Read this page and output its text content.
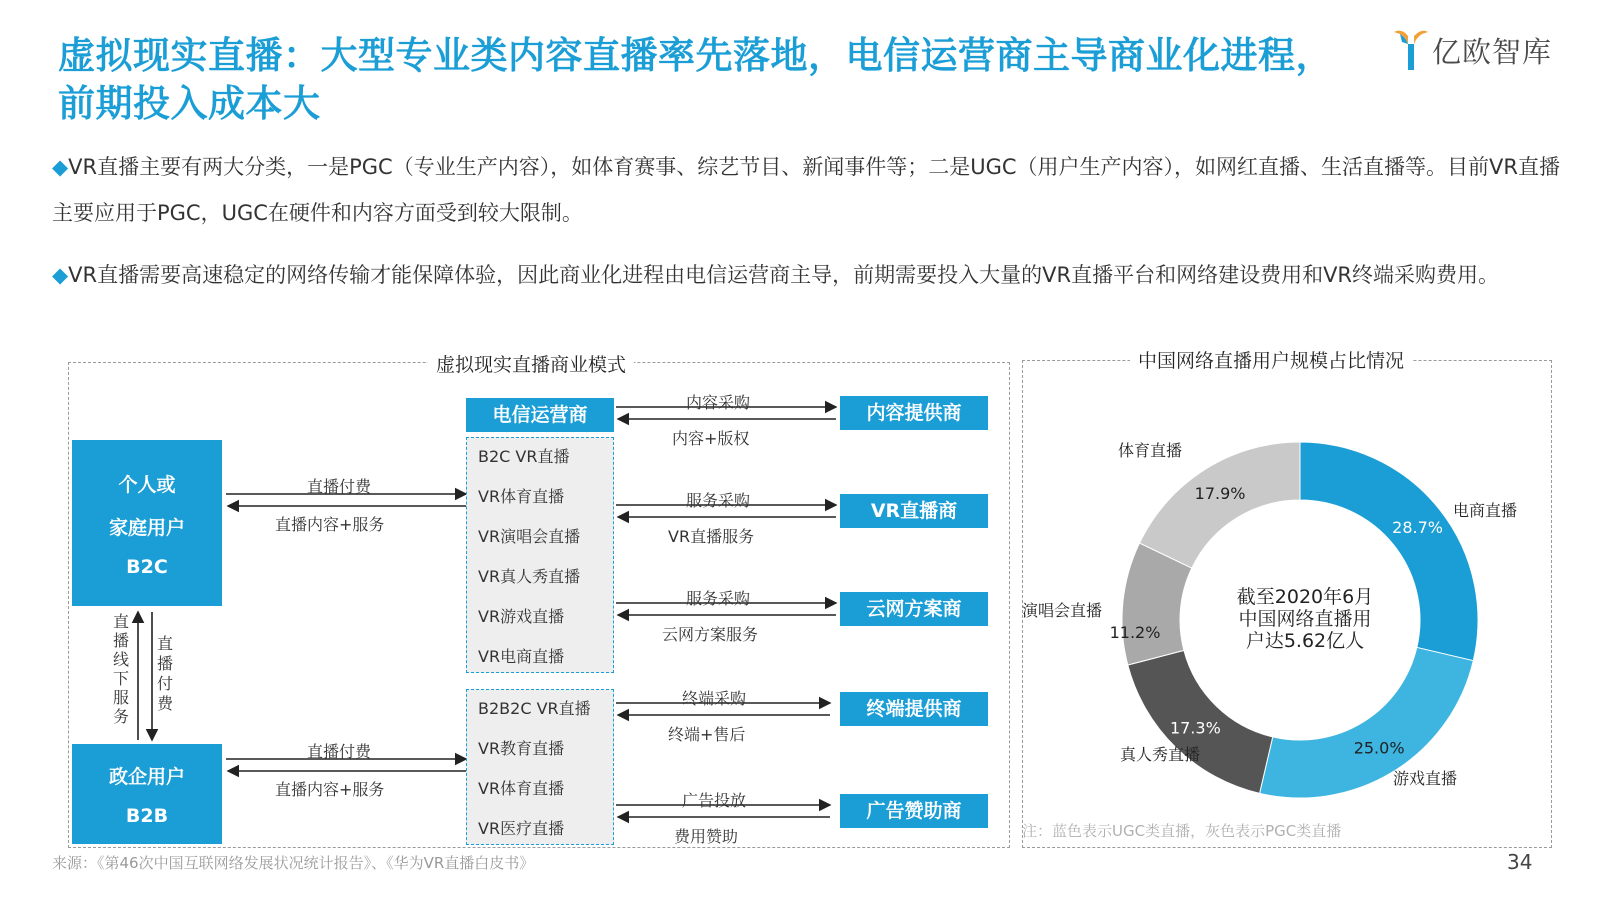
虚拟现实直播：大型专业类内容直播率先落地，电信运营商主导商业化进程，前期投入成本大
亿欧智库
◆VR直播主要有两大分类，一是PGC（专业生产内容），如体育赛事、综艺节目、新闻事件等；二是UGC（用户生产内容），如网红直播、生活直播等。目前VR直播主要应用于PGC，UGC在硬件和内容方面受到较大限制。
◆VR直播需要高速稳定的网络传输才能保障体验，因此商业化进程由电信运营商主导，前期需要投入大量的VR直播平台和网络建设费用和VR终端采购费用。
虚拟现实直播商业模式
个人或
家庭用户
B2C
政企用户
B2B
直播线下服务
直播付费
直播付费
直播内容+服务
直播付费
直播内容+服务
电信运营商
B2C VR直播
VR体育直播
VR演唱会直播
VR真人秀直播
VR游戏直播
VR电商直播
B2B2C VR直播
VR教育直播
VR体育直播
VR医疗直播
内容提供商
内容采购
内容+版权
VR直播商
服务采购
VR直播服务
云网方案商
服务采购
云网方案服务
终端提供商
终端采购
终端+售后
广告赞助商
广告投放
费用赞助
中国网络直播用户规模占比情况
28.7%
电商直播
25.0%
游戏直播
17.3%
真人秀直播
11.2%
演唱会直播
17.9%
体育直播
截至2020年6月
中国网络直播用
户达5.62亿人
注：蓝色表示UGC类直播，灰色表示PGC类直播
来源：《第46次中国互联网络发展状况统计报告》、《华为VR直播白皮书》	34
